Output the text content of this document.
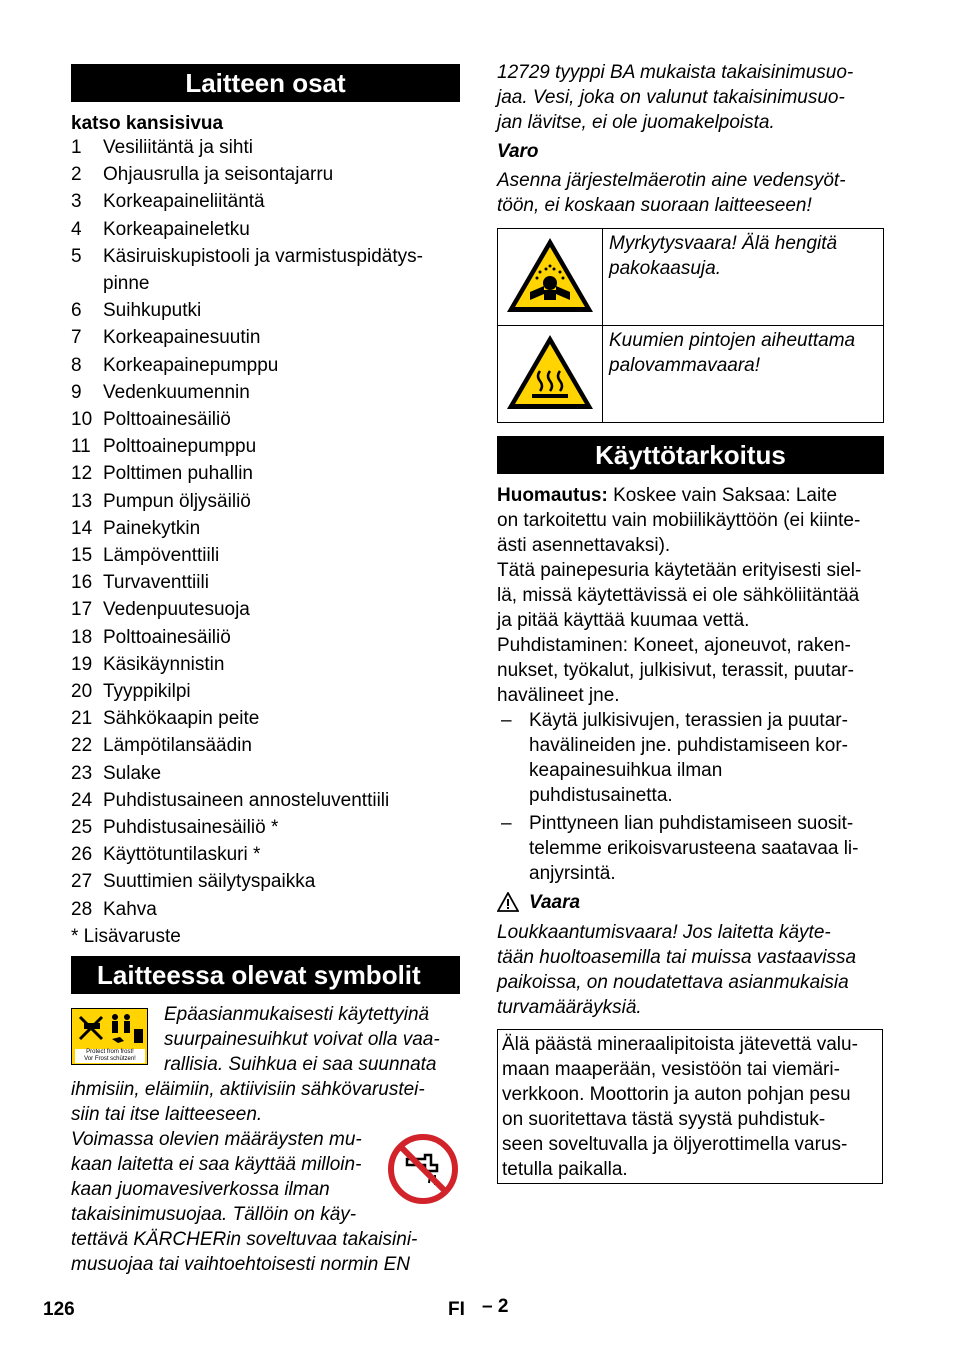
Laitteen osat
katso kansisivua
1	Vesiliitäntä ja sihti
2	Ohjausrulla ja seisontajarru
3	Korkeapaineliitäntä
4	Korkeapaineletku
5	Käsiruiskupistooli ja varmistuspidätys-
pinne
6	Suihkuputki
7	Korkeapainesuutin
8	Korkeapainepumppu
9	Vedenkuumennin
10 Polttoainesäiliö
11 Polttoainepumppu
12 Polttimen puhallin
13 Pumpun öljysäiliö
14 Painekytkin
15 Lämpöventtiili
16 Turvaventtiili
17 Vedenpuutesuoja
18 Polttoainesäiliö
19 Käsikäynnistin
20 Tyyppikilpi
21 Sähkökaapin peite
22 Lämpötilansäädin
23 Sulake
24 Puhdistusaineen annosteluventtiili
25 Puhdistusainesäiliö *
26 Käyttötuntilaskuri *
27 Suuttimien säilytyspaikka
28 Kahva
* Lisävaruste
Laitteessa olevat symbolit
Protect from frost!
Vor Frost schützen!
Epäasianmukaisesti käytettyinä
suurpainesuihkut voivat olla vaa-
rallisia. Suihkua ei saa suunnata
ihmisiin, eläimiin, aktiivisiin sähkövarustei-
siin tai itse laitteeseen.
Voimassa olevien määräysten mu-
kaan laitetta ei saa käyttää milloin-
kaan juomavesiverkossa ilman
takaisinimusuojaa. Tällöin on käy-
tettävä KÄRCHERin soveltuvaa takaisini-
musuojaa tai vaihtoehtoisesti normin EN
12729 tyyppi BA mukaista takaisinimusuo-
jaa. Vesi, joka on valunut takaisinimusuo-
jan lävitse, ei ole juomakelpoista.
Varo
Asenna järjestelmäerotin aine vedensyöt-
töön, ei koskaan suoraan laitteeseen!

Myrkytysvaara! Älä hengitä
pakokaasuja.

Kuumien pintojen aiheuttama
palovammavaara!
Käyttötarkoitus
Huomautus: Koskee vain Saksaa: Laite
on tarkoitettu vain mobiilikäyttöön (ei kiinte-
ästi asennettavaksi).
Tätä painepesuria käytetään erityisesti siel-
lä, missä käytettävissä ei ole sähköliitäntää
ja pitää käyttää kuumaa vettä.
Puhdistaminen: Koneet, ajoneuvot, raken-
nukset, työkalut, julkisivut, terassit, puutar-
havälineet jne.
– Käytä julkisivujen, terassien ja puutar-
havälineiden jne. puhdistamiseen kor-
keapainesuihkua ilman
puhdistusainetta.
– Pinttyneen lian puhdistamiseen suosit-
telemme erikoisvarusteena saatavaa li-
anjyrsintä.
Vaara
Loukkaantumisvaara! Jos laitetta käyte-
tään huoltoasemilla tai muissa vastaavissa
paikoissa, on noudatettava asianmukaisia
turvamääräyksiä.
Älä päästä mineraalipitoista jätevettä valu-
maan maaperään, vesistöön tai viemäri-
verkkoon. Moottorin ja auton pohjan pesu
on suoritettava tästä syystä puhdistuk-
seen soveltuvalla ja öljyerottimella varus-
tetulla paikalla.
126	FI – 2
